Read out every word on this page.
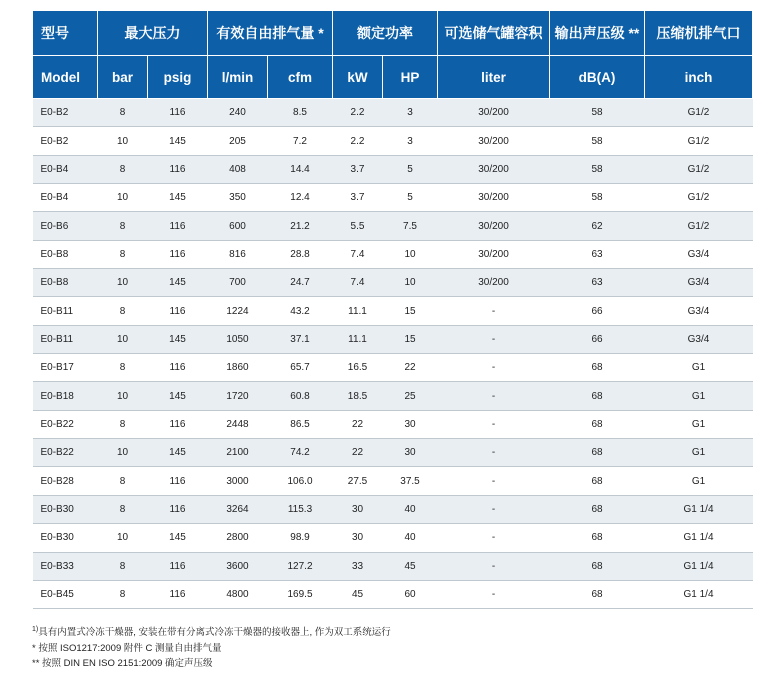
型号	最大压力		有效自由排气量 *		额定功率		可选储气罐容积	输出声压级 **	压缩机排气口
Model	bar	psig	l/min	cfm	kW	HP	liter	dB(A)	inch
E0-B2	8	116	240	8.5	2.2	3	30/200	58	G1/2
E0-B2	10	145	205	7.2	2.2	3	30/200	58	G1/2
E0-B4	8	116	408	14.4	3.7	5	30/200	58	G1/2
E0-B4	10	145	350	12.4	3.7	5	30/200	58	G1/2
E0-B6	8	116	600	21.2	5.5	7.5	30/200	62	G1/2
E0-B8	8	116	816	28.8	7.4	10	30/200	63	G3/4
E0-B8	10	145	700	24.7	7.4	10	30/200	63	G3/4
E0-B11	8	116	1224	43.2	11.1	15	-	66	G3/4
E0-B11	10	145	1050	37.1	11.1	15	-	66	G3/4
E0-B17	8	116	1860	65.7	16.5	22	-	68	G1
E0-B18	10	145	1720	60.8	18.5	25	-	68	G1
E0-B22	8	116	2448	86.5	22	30	-	68	G1
E0-B22	10	145	2100	74.2	22	30	-	68	G1
E0-B28	8	116	3000	106.0	27.5	37.5	-	68	G1
E0-B30	8	116	3264	115.3	30	40	-	68	G1 1/4
E0-B30	10	145	2800	98.9	30	40	-	68	G1 1/4
E0-B33	8	116	3600	127.2	33	45	-	68	G1 1/4
E0-B45	8	116	4800	169.5	45	60	-	68	G1 1/4
$^{1)}$具有内置式冷冻干燥器, 安装在带有分离式冷冻干燥器的接收器上, 作为双工系统运行
* 按照 ISO1217:2009 附件 C 测量自由排气量
** 按照 DIN EN ISO 2151:2009 确定声压级
